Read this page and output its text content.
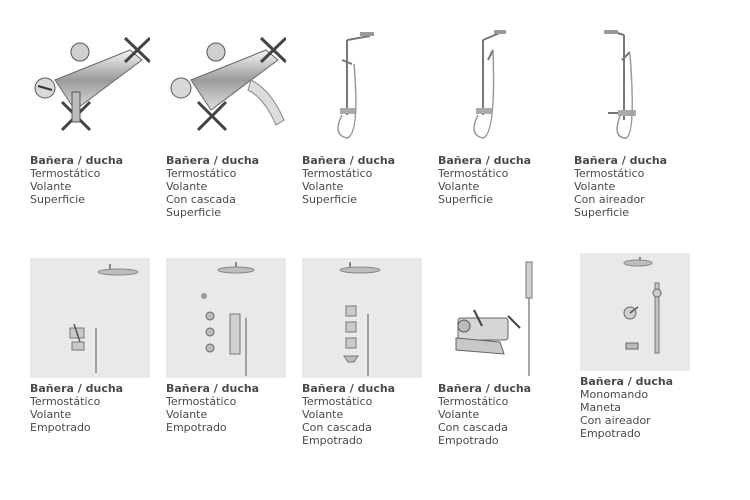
Bañera / ducha
Termostático
Volante
Superficie
Bañera / ducha
Termostático
Volante
Con cascada
Superficie
Bañera / ducha
Termostático
Volante
Superficie
Bañera / ducha
Termostático
Volante
Superficie
Bañera / ducha
Termostático
Volante
Con aireador
Superficie
Bañera / ducha
Termostático
Volante
Empotrado
Bañera / ducha
Termostático
Volante
Empotrado
Bañera / ducha
Termostático
Volante
Con cascada
Empotrado
Bañera / ducha
Termostático
Volante
Con cascada
Empotrado
Bañera / ducha
Monomando
Maneta
Con aireador
Empotrado
